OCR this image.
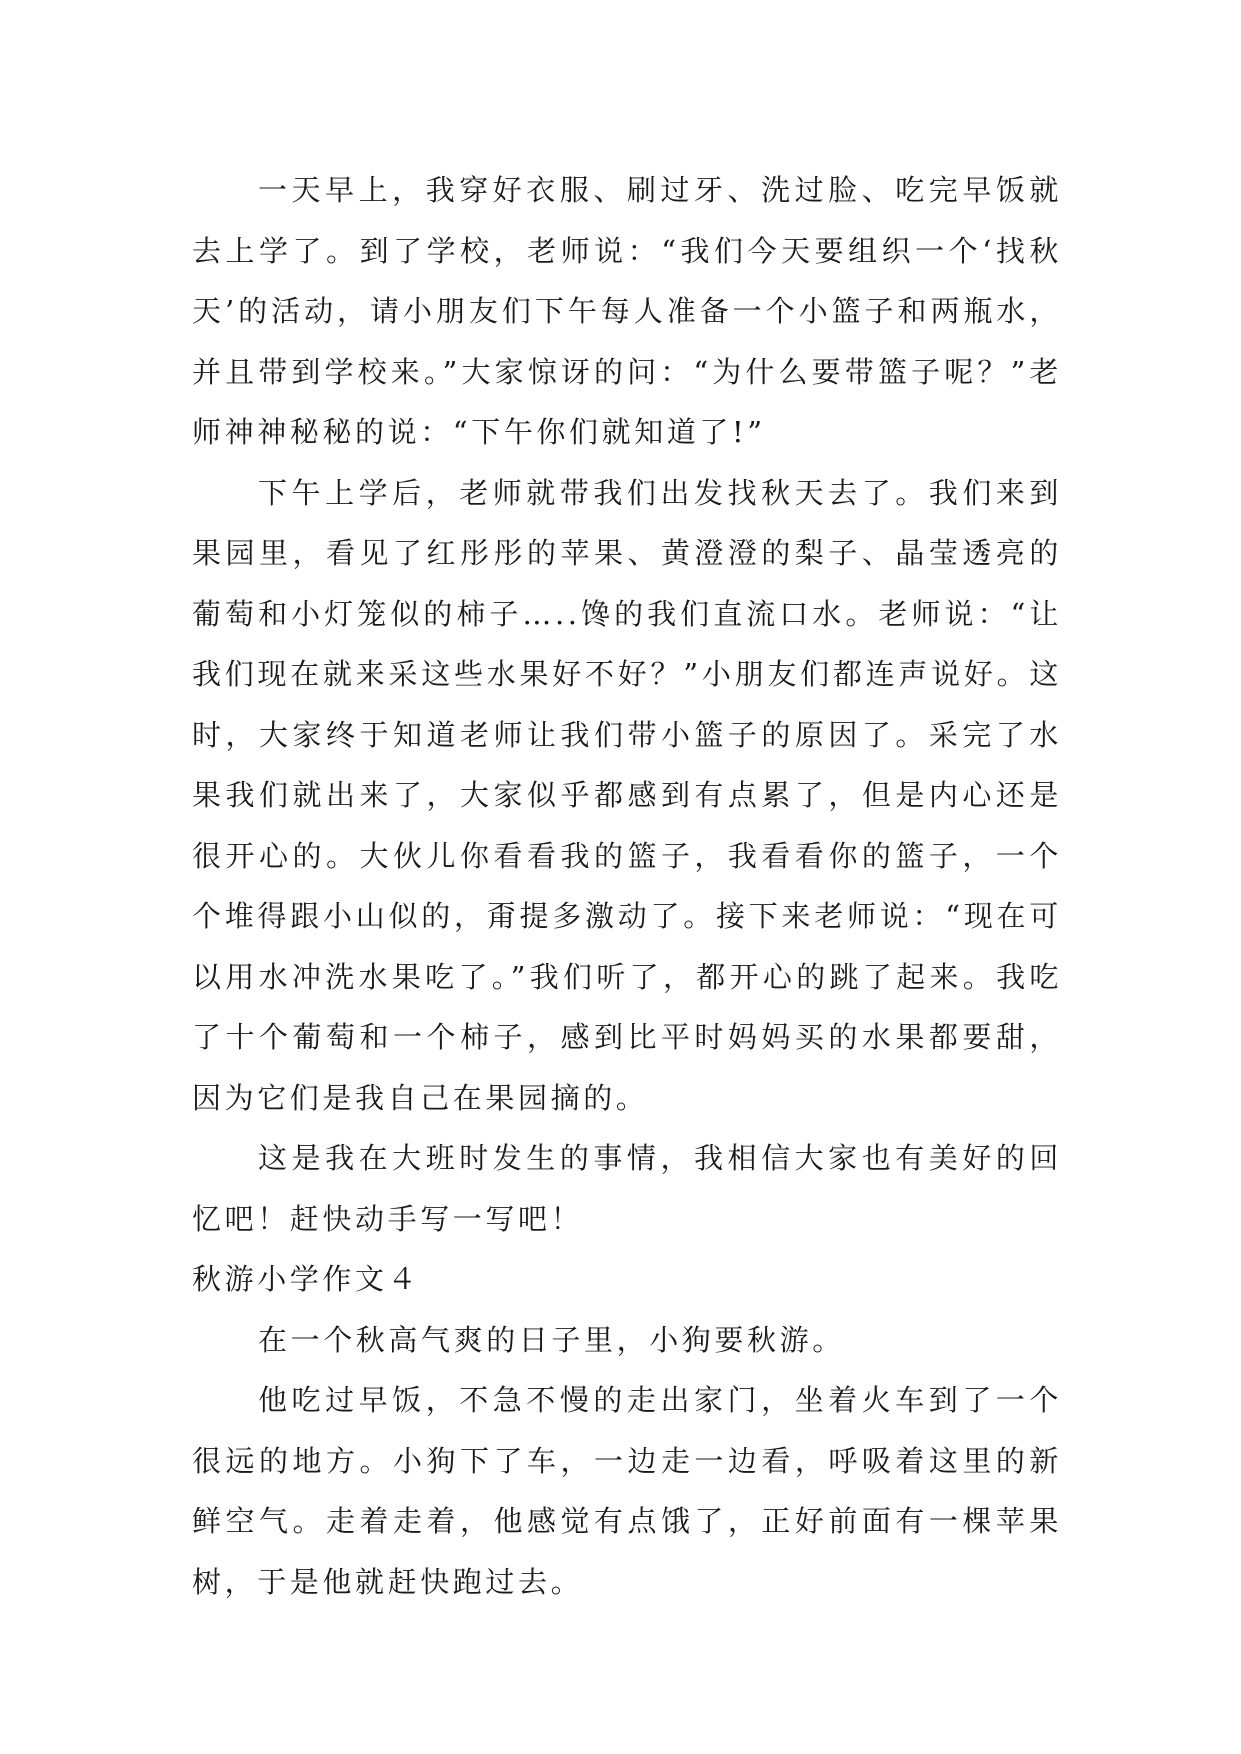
一天早上，我穿好衣服、刷过牙、洗过脸、吃完早饭就去上学了。到了学校，老师说：“我们今天要组织一个‘找秋天’的活动，请小朋友们下午每人准备一个小篮子和两瓶水，并且带到学校来。”大家惊讶的问：“为什么要带篮子呢？”老师神神秘秘的说：“下午你们就知道了!”

下午上学后，老师就带我们出发找秋天去了。我们来到果园里，看见了红彤彤的苹果、黄澄澄的梨子、晶莹透亮的葡萄和小灯笼似的柿子…..馋的我们直流口水。老师说：“让我们现在就来采这些水果好不好？”小朋友们都连声说好。这时，大家终于知道老师让我们带小篮子的原因了。采完了水果我们就出来了，大家似乎都感到有点累了，但是内心还是很开心的。大伙儿你看看我的篮子，我看看你的篮子，一个个堆得跟小山似的，甭提多激动了。接下来老师说：“现在可以用水冲洗水果吃了。”我们听了，都开心的跳了起来。我吃了十个葡萄和一个柿子，感到比平时妈妈买的水果都要甜，因为它们是我自己在果园摘的。

这是我在大班时发生的事情，我相信大家也有美好的回忆吧！赶快动手写一写吧！

秋游小学作文４

在一个秋高气爽的日子里，小狗要秋游。

他吃过早饭，不急不慢的走出家门，坐着火车到了一个很远的地方。小狗下了车，一边走一边看，呼吸着这里的新鲜空气。走着走着，他感觉有点饿了，正好前面有一棵苹果树，于是他就赶快跑过去。
